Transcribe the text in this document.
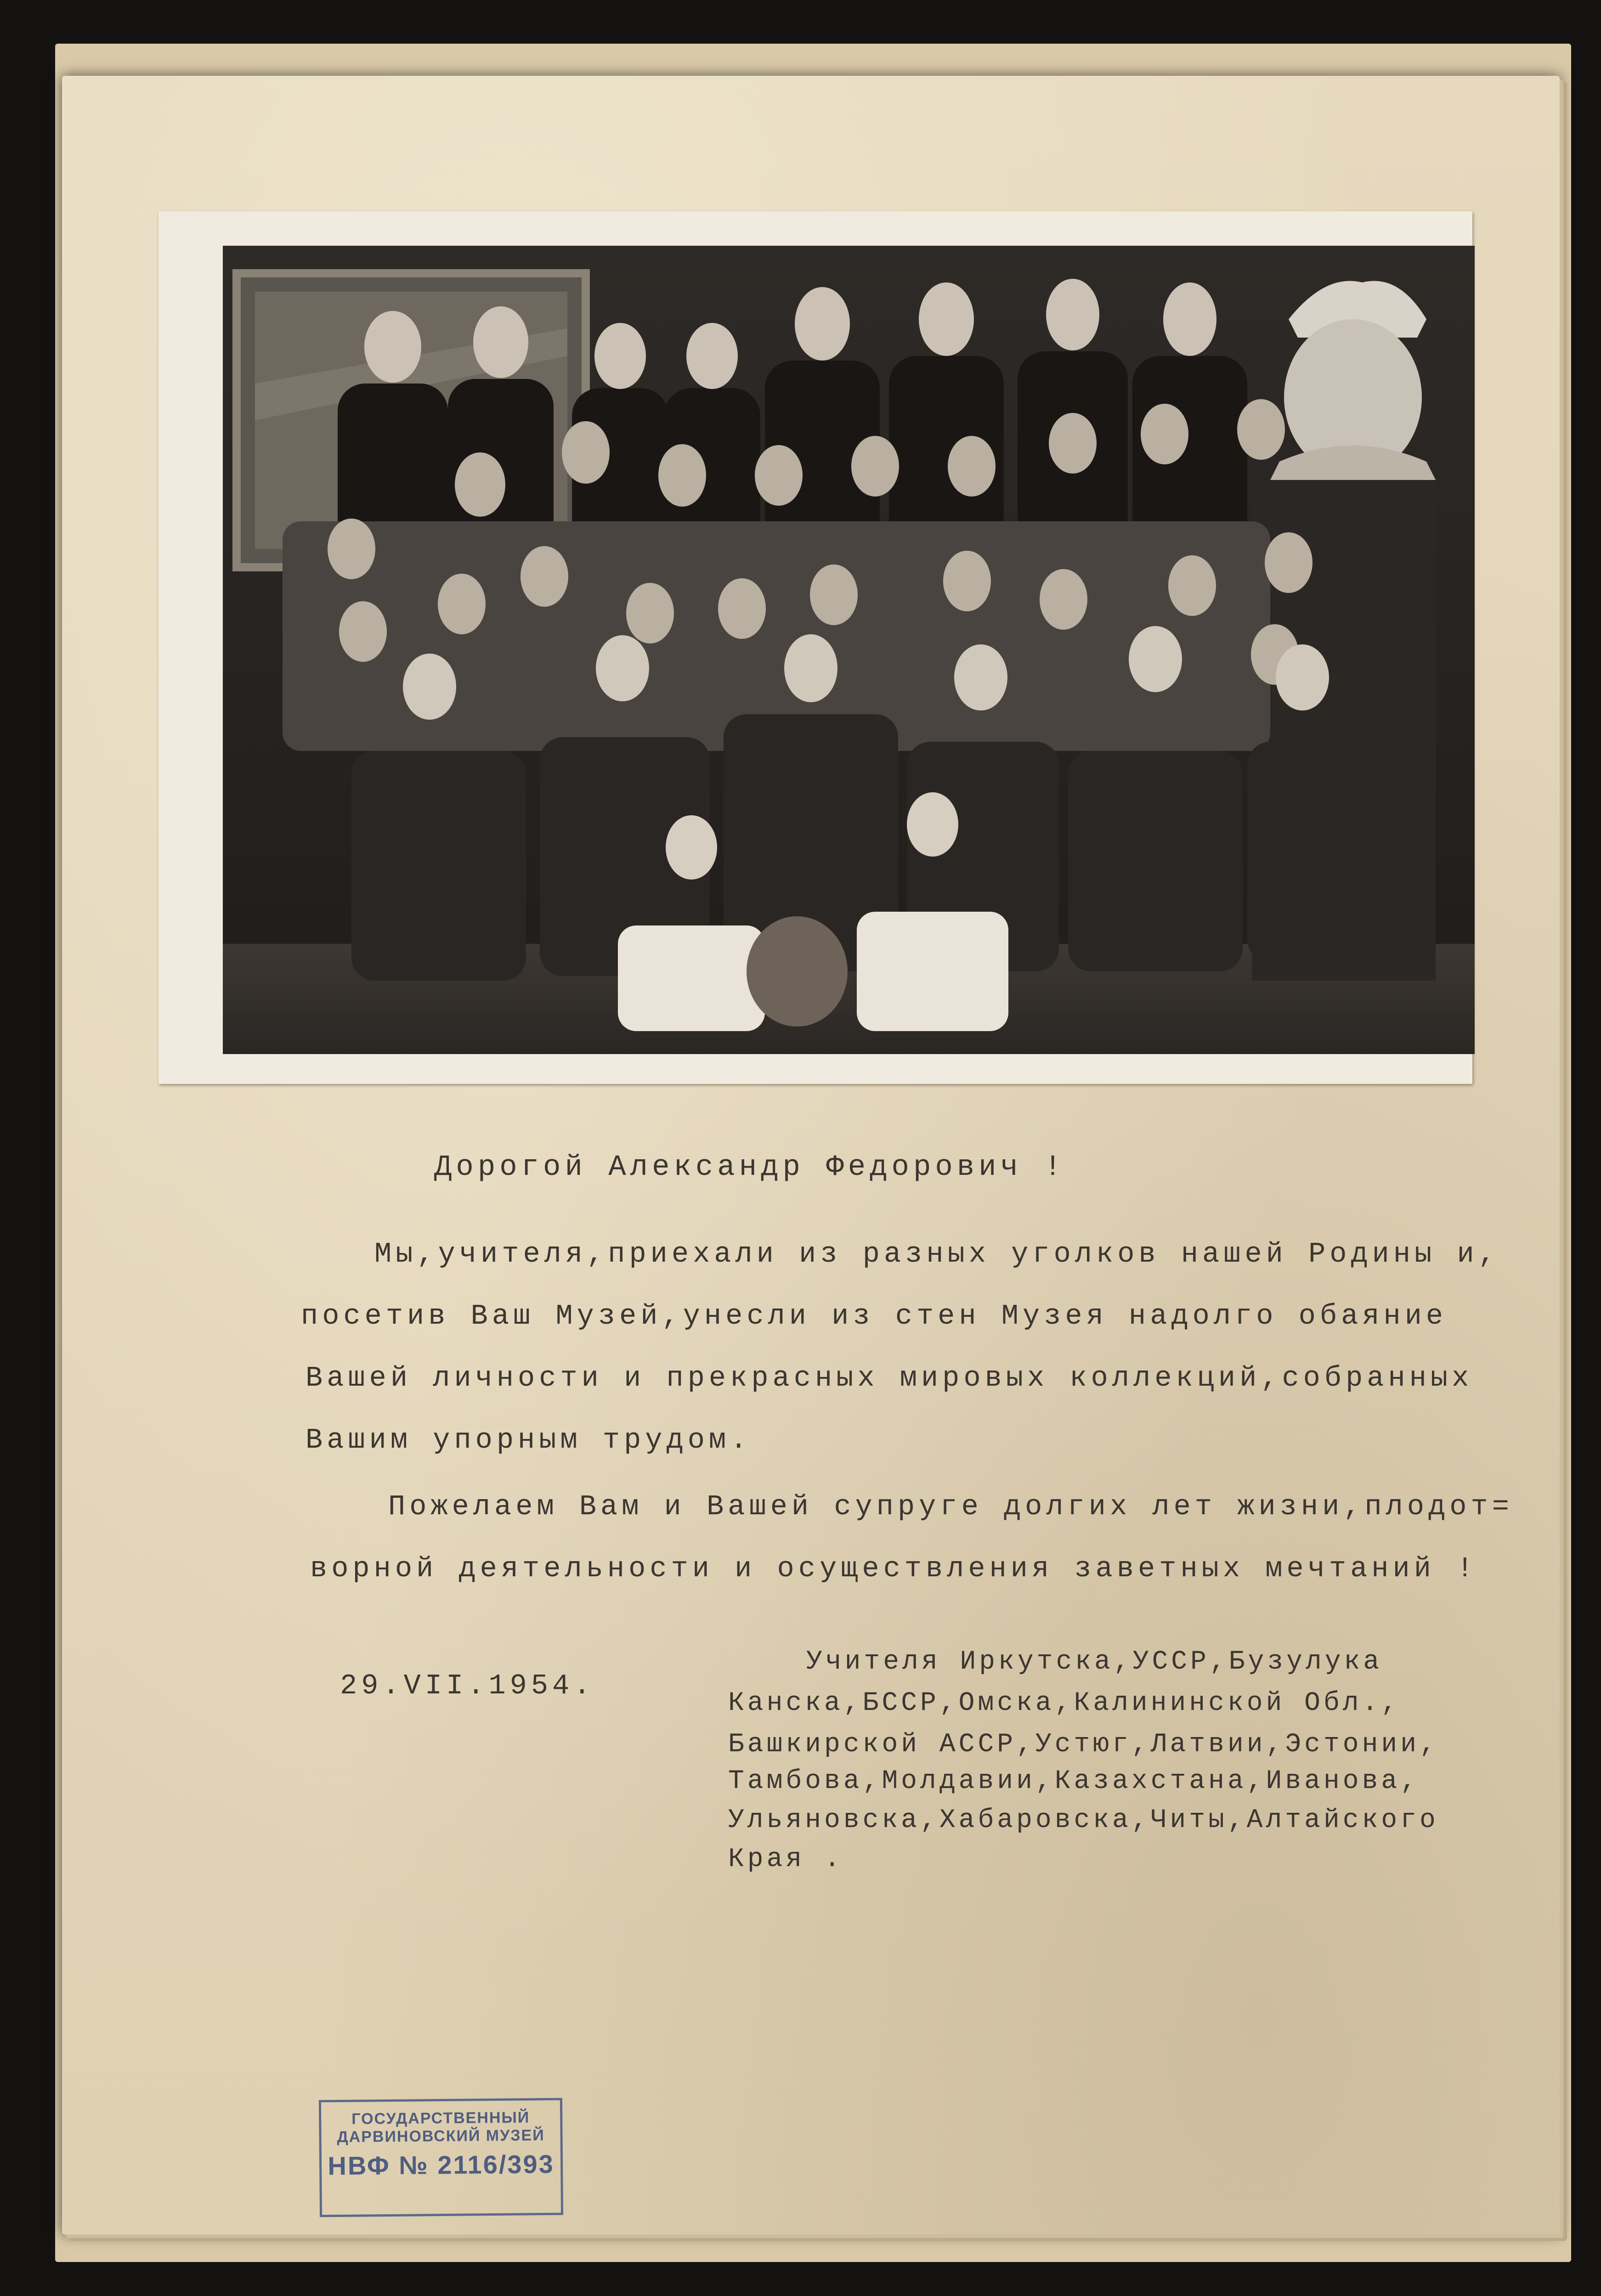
Дорогой Александр Федорович !
Мы,учителя,приехали из разных уголков нашей Родины и,
посетив Ваш Музей,унесли из стен Музея надолго обаяние
Вашей личности и прекрасных мировых коллекций,собранных
Вашим упорным трудом.
Пожелаем Вам и Вашей супруге долгих лет жизни,плодот=
ворной деятельности и осуществления заветных мечтаний !
29.VII.1954.
Учителя Иркутска,УССР,Бузулука
Канска,БССР,Омска,Калининской Обл.,
Башкирской АССР,Устюг,Латвии,Эстонии,
Тамбова,Молдавии,Казахстана,Иванова,
Ульяновска,Хабаровска,Читы,Алтайского
Края .
ГОСУДАРСТВЕННЫЙ
ДАРВИНОВСКИЙ МУЗЕЙ
НВФ № 2116/393
